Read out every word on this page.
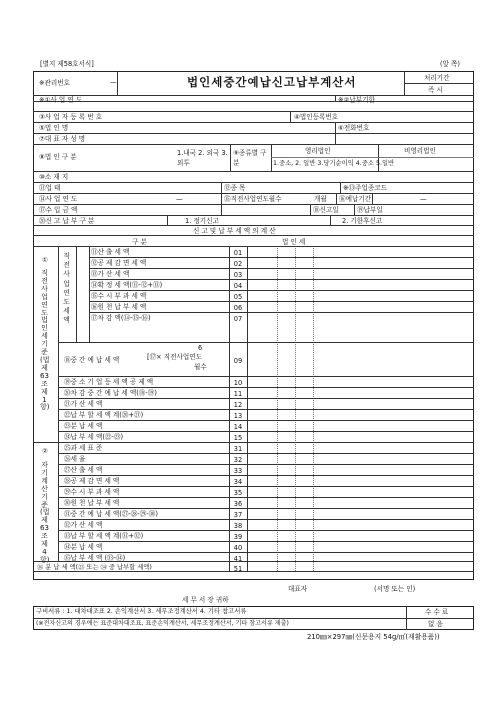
[별지 제58호서식]	(앞 쪽)
※관리번호	—	법인세중간예납신고납부계산서	처리기간
즉 시
※①사 업 연 도	※②납부기한
③사 업 자 등 록 번 호	④법인등록번호
⑤법 인 명	⑥전화번호
⑦대 표 자 성 명
⑧법 인 구 분	1.내국 2. 외국 3.외투
⑨종류별 구 분
영리법인	비영리법인
1.중소, 2. 일반 3.당기순이익 4.중소 5.일반
⑩소 재 지
⑪업 태	⑫종 목	※⑬주업종코드
⑭사 업 연 도	—	⑮직전사업연도월수	개월 ⑯예납기간	—
⑰수 입 금 액	⑱신고일	⑲납부일
⑳신 고 납 부 구 분	1. 정기신고	2. 기한후신고
신 고 및 납 부 세 액 의 계 산
구 분	법 인 세
①
직전사업연도법인세기준 (법 제63조 제1항)
직전사업연도세액
⑪산 출 세 액	01
⑫공 제 감 면 세 액	02
⑬가 산 세 액	03
⑭확 정 세 액(⑪-⑫+⑬)	04
⑮수 시 부 과 세 액	05
⑯원 천 납 부 세 액	06
⑰차 감 액(⑭-⑮-⑯)	07
⑱중 간 예 납 세 액
6
[⑰× 직전사업연도
월수
09
⑲중 소 기 업 등 세 액 공 제 액	10
⑳차 감 중 간 예 납 세 액(⑱-⑲)	11
㉑가 산 세 액	12
㉒납 부 할 세 액 계(⑳+㉑)	13
㉓분 납 세 액	14
㉔납 부 세 액(㉒-㉓)	15
②
자기계산기준 (법 제63조 제4항)
㉕과 세 표 준	31
㉖세 율	32
㉗산 출 세 액	33
㉘공 제 감 면 세 액	34
㉙수 시 부 과 세 액	35
㉚원 천 납 부 세 액	36
㉛중 간 예 납 세 액(㉗-㉘-㉙-㉚)	37
㉜가 산 세 액	38
㉝납 부 할 세 액 계(㉛+㉜)	39
㉞분 납 세 액	40
㉟납 부 세 액 (㉝-㉞)	41
㊱ 분 납 세 액(㉓ 또는 ㉞ 중 납부할 세액)	51
대표자	(서명 또는 인)
세 무 서 장 귀하
구비서류 : 1. 대차대조표 2. 손익계산서 3. 세무조정계산서 4. 기타 참고서류
(※전자신고의 경우에는 표준대차대조표, 표준손익계산서, 세무조정계산서, 기타 참고서류 제출)
수 수 료
없 음
210㎜×297㎜(신문용지 54g/㎡(재활용품))
